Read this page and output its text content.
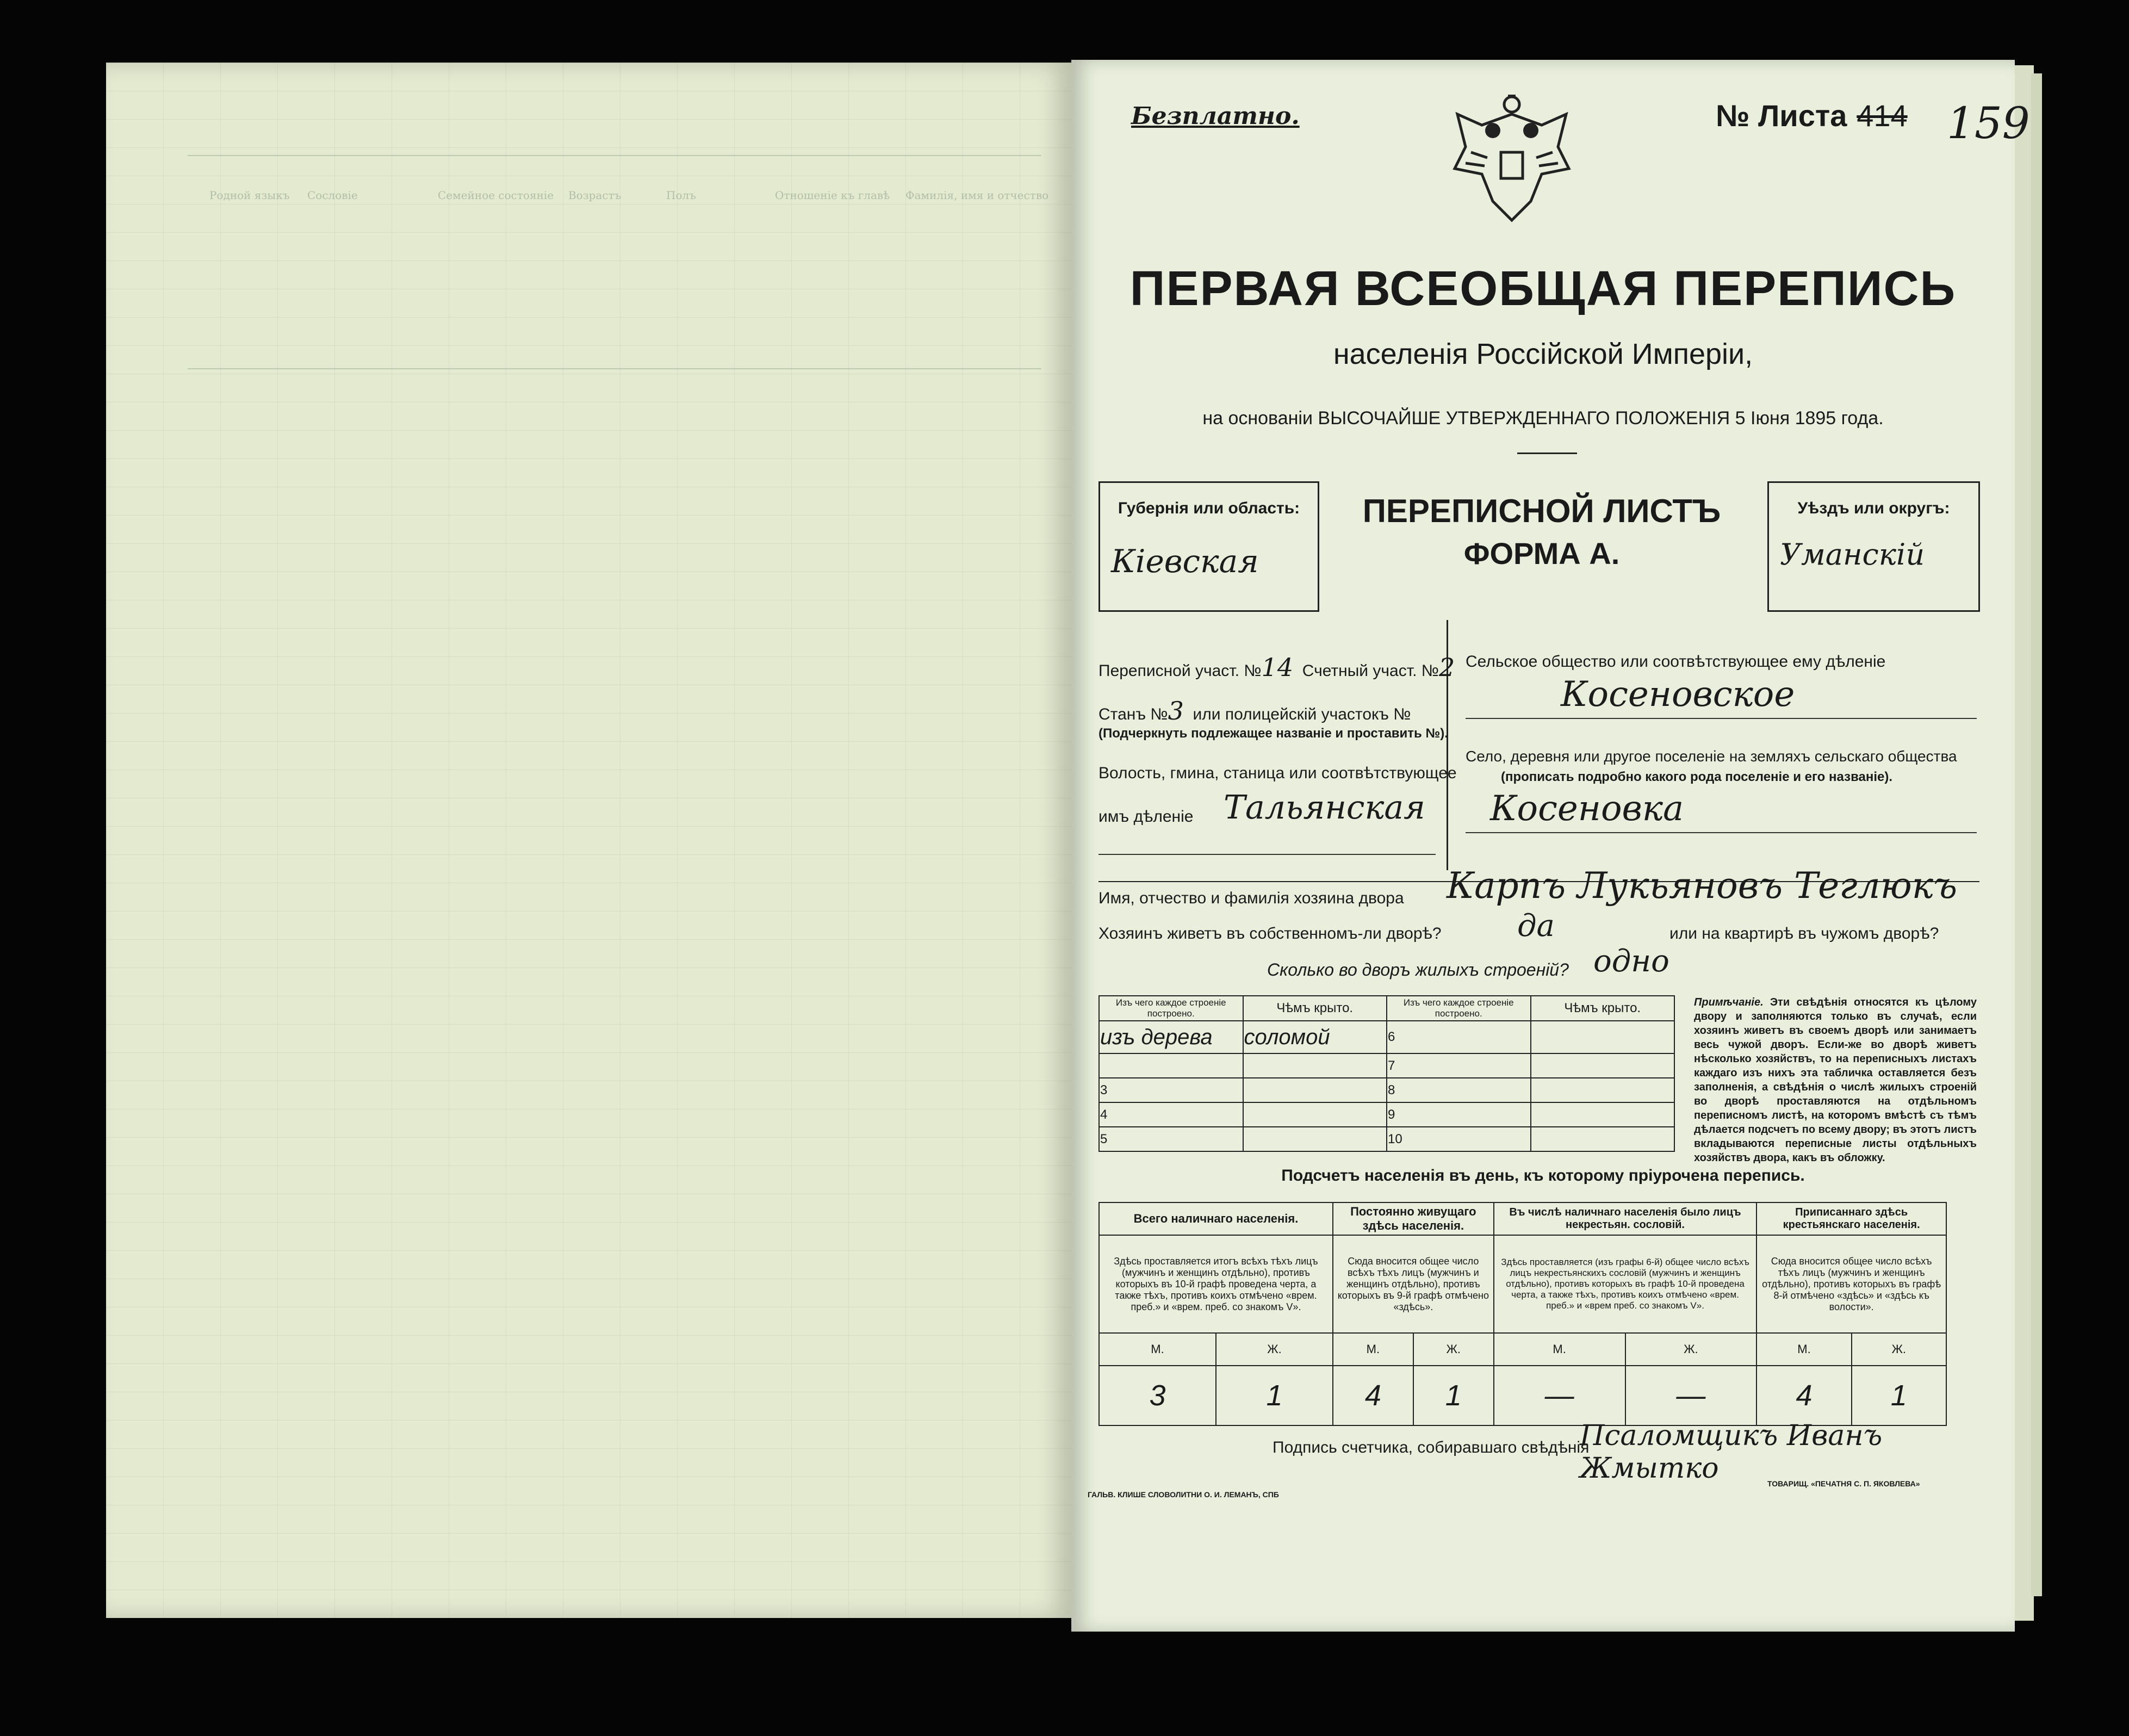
Фамилія, имя и отчество
Отношеніе къ главѣ
Полъ
Возрастъ
Семейное состояніе
Сословіе
Родной языкъ
Безплатно.	№ Листа 414 159
ПЕРВАЯ ВСЕОБЩАЯ ПЕРЕПИСЬ
населенія Россійской Имперіи,
на основаніи ВЫСОЧАЙШЕ УТВЕРЖДЕННАГО ПОЛОЖЕНІЯ 5 Іюня 1895 года.
Губернія или область:
Кіевская
ПЕРЕПИСНОЙ ЛИСТЪ
ФОРМА А.
Уѣздъ или округъ:
Уманскій
Переписной участ. №14 Счетный участ. №2
Станъ №3 или полицейскій участокъ №
(Подчеркнуть подлежащее названіе и проставить №).
Волость, гмина, станица или соотвѣтствующее
имъ дѣленіе Тальянская
Сельское общество или соотвѣтствующее ему дѣленіе
Косеновское
Село, деревня или другое поселеніе на земляхъ сельскаго общества
(прописать подробно какого рода поселеніе и его названіе).
Косеновка
Имя, отчество и фамилія хозяина двора Карпъ Лукьяновъ Теглюкъ
Хозяинъ живетъ въ собственномъ-ли дворѣ? да	или на квартирѣ въ чужомъ дворѣ?
Сколько во дворъ жилыхъ строеній? одно
Изъ чего каждое строеніе построено.	Чѣмъ крыто.	Изъ чего каждое строеніе построено.	Чѣмъ крыто.
изъ дерева	соломой	6	
		7	
3		8	
4		9	
5		10	
Примѣчаніе. Эти свѣдѣнія относятся къ цѣлому двору и заполняются только въ случаѣ, если хозяинъ живетъ въ своемъ дворѣ или занимаетъ весь чужой дворъ. Если-же во дворѣ живетъ нѣсколько хозяйствъ, то на переписныхъ листахъ каждаго изъ нихъ эта табличка оставляется безъ заполненія, а свѣдѣнія о числѣ жилыхъ строеній во дворѣ проставляются на отдѣльномъ переписномъ листѣ, на которомъ вмѣстѣ съ тѣмъ дѣлается подсчетъ по всему двору; въ этотъ листъ вкладываются переписные листы отдѣльныхъ хозяйствъ двора, какъ въ обложку.
Подсчетъ населенія въ день, къ которому пріурочена перепись.
Всего наличнаго населенія.		Постоянно живущаго здѣсь населенія.		Въ числѣ наличнаго населенія было лицъ некрестьян. сословій.		Приписаннаго здѣсь крестьянскаго населенія.	
Здѣсь проставляется итогъ всѣхъ тѣхъ лицъ (мужчинъ и женщинъ отдѣльно), противъ которыхъ въ 10-й графѣ проведена черта, а также тѣхъ, противъ коихъ отмѣчено «врем. преб.» и «врем. преб. со знакомъ V».		Сюда вносится общее число всѣхъ тѣхъ лицъ (мужчинъ и женщинъ отдѣльно), противъ которыхъ въ 9-й графѣ отмѣчено «здѣсь».		Здѣсь проставляется (изъ графы 6-й) общее число всѣхъ лицъ некрестьянскихъ сословій (мужчинъ и женщинъ отдѣльно), противъ которыхъ въ графѣ 10-й проведена черта, а также тѣхъ, противъ коихъ отмѣчено «врем. преб.» и «врем преб. со знакомъ V».		Сюда вносится общее число всѣхъ тѣхъ лицъ (мужчинъ и женщинъ отдѣльно), противъ которыхъ въ графѣ 8-й отмѣчено «здѣсь» и «здѣсь къ волости».	
М.	Ж.	М.	Ж.	М.	Ж.	М.	Ж.
3	1	4	1	—	—	4	1
Подпись счетчика, собиравшаго свѣдѣнія
Псаломщикъ Иванъ Жмытко
ГАЛЬВ. КЛИШЕ СЛОВОЛИТНИ О. И. ЛЕМАНЪ, СПБ
ТОВАРИЩ. «ПЕЧАТНЯ С. П. ЯКОВЛЕВА»
